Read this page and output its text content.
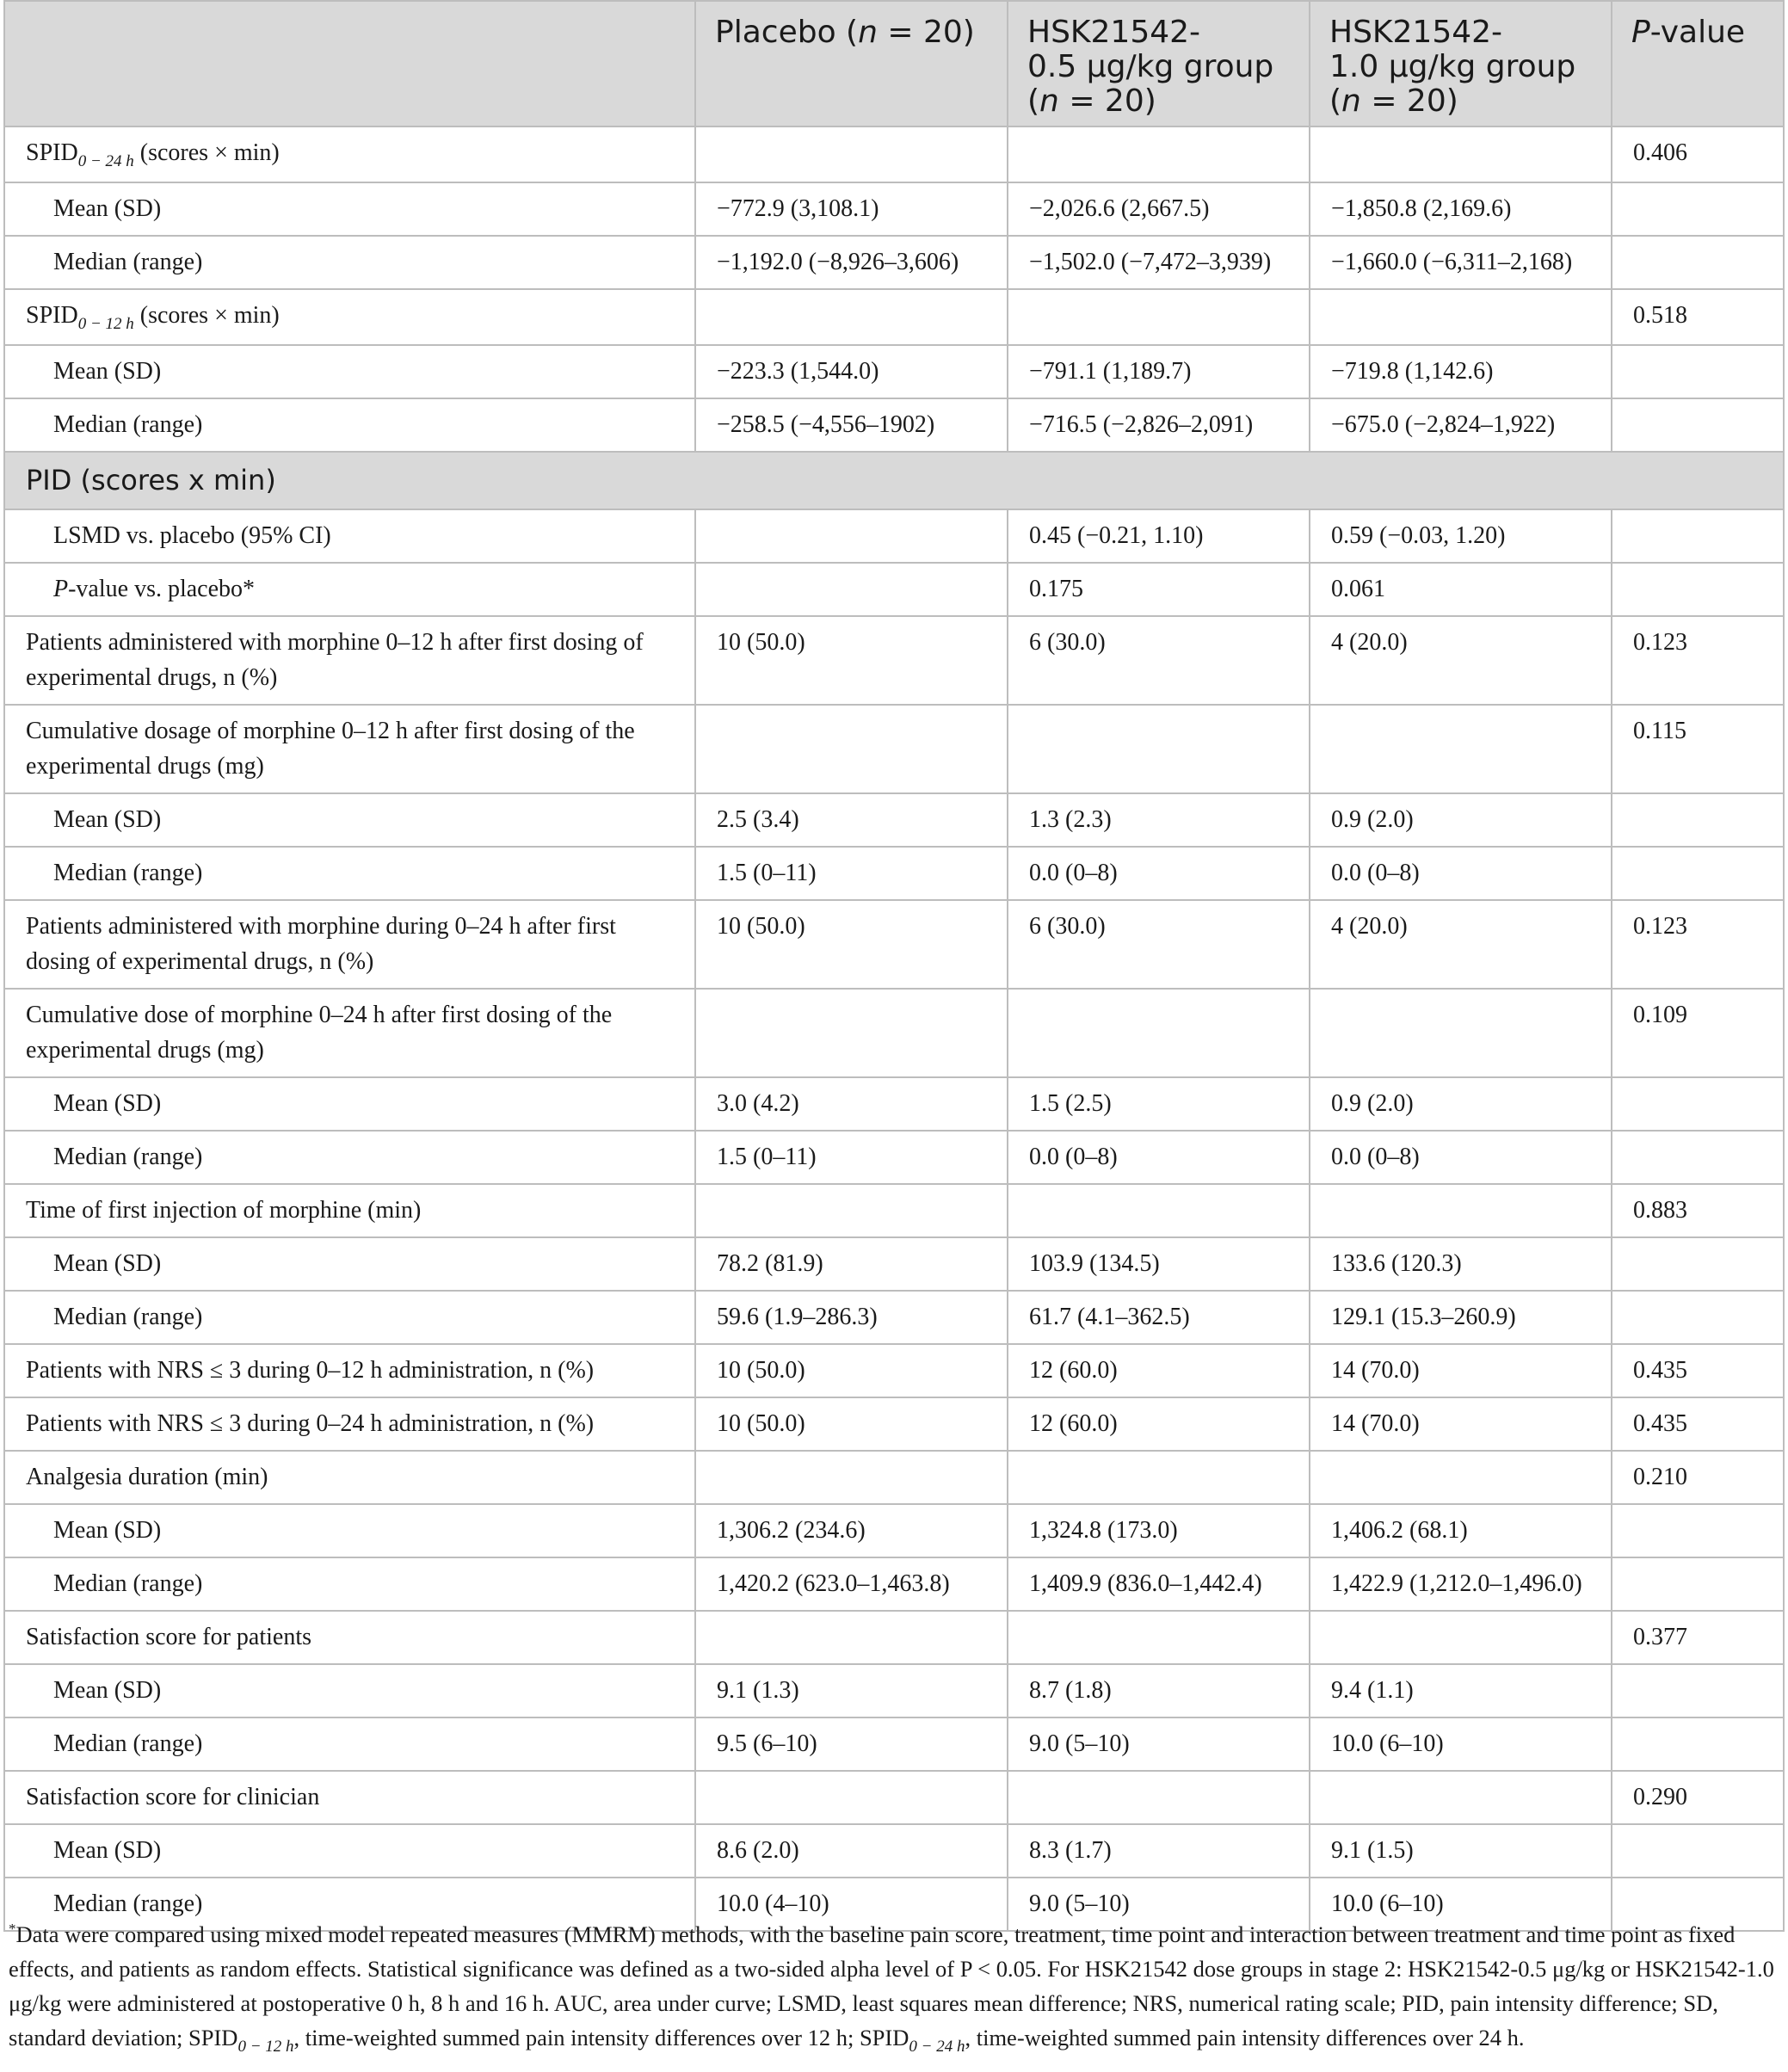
	Placebo (n = 20)	HSK21542-
0.5 μg/kg group
(n = 20)	HSK21542-
1.0 μg/kg group
(n = 20)	P-value
$SPID_{0 - 24 h}$ (scores × min)				0.406
Mean (SD)	−772.9 (3,108.1)	−2,026.6 (2,667.5)	−1,850.8 (2,169.6)	
Median (range)	−1,192.0 (−8,926–3,606)	−1,502.0 (−7,472–3,939)	−1,660.0 (−6,311–2,168)	
$SPID_{0 - 12 h}$ (scores × min)				0.518
Mean (SD)	−223.3 (1,544.0)	−791.1 (1,189.7)	−719.8 (1,142.6)	
Median (range)	−258.5 (−4,556–1902)	−716.5 (−2,826–2,091)	−675.0 (−2,824–1,922)	
PID (scores x min)				
LSMD vs. placebo (95% CI)		0.45 (−0.21, 1.10)	0.59 (−0.03, 1.20)	
P-value vs. placebo*		0.175	0.061	
Patients administered with morphine 0–12 h after first dosing of experimental drugs, n (%)	10 (50.0)	6 (30.0)	4 (20.0)	0.123
Cumulative dosage of morphine 0–12 h after first dosing of the experimental drugs (mg)				0.115
Mean (SD)	2.5 (3.4)	1.3 (2.3)	0.9 (2.0)	
Median (range)	1.5 (0–11)	0.0 (0–8)	0.0 (0–8)	
Patients administered with morphine during 0–24 h after first dosing of experimental drugs, n (%)	10 (50.0)	6 (30.0)	4 (20.0)	0.123
Cumulative dose of morphine 0–24 h after first dosing of the experimental drugs (mg)				0.109
Mean (SD)	3.0 (4.2)	1.5 (2.5)	0.9 (2.0)	
Median (range)	1.5 (0–11)	0.0 (0–8)	0.0 (0–8)	
Time of first injection of morphine (min)				0.883
Mean (SD)	78.2 (81.9)	103.9 (134.5)	133.6 (120.3)	
Median (range)	59.6 (1.9–286.3)	61.7 (4.1–362.5)	129.1 (15.3–260.9)	
Patients with NRS ≤ 3 during 0–12 h administration, n (%)	10 (50.0)	12 (60.0)	14 (70.0)	0.435
Patients with NRS ≤ 3 during 0–24 h administration, n (%)	10 (50.0)	12 (60.0)	14 (70.0)	0.435
Analgesia duration (min)				0.210
Mean (SD)	1,306.2 (234.6)	1,324.8 (173.0)	1,406.2 (68.1)	
Median (range)	1,420.2 (623.0–1,463.8)	1,409.9 (836.0–1,442.4)	1,422.9 (1,212.0–1,496.0)	
Satisfaction score for patients				0.377
Mean (SD)	9.1 (1.3)	8.7 (1.8)	9.4 (1.1)	
Median (range)	9.5 (6–10)	9.0 (5–10)	10.0 (6–10)	
Satisfaction score for clinician				0.290
Mean (SD)	8.6 (2.0)	8.3 (1.7)	9.1 (1.5)	
Median (range)	10.0 (4–10)	9.0 (5–10)	10.0 (6–10)	
*Data were compared using mixed model repeated measures (MMRM) methods, with the baseline pain score, treatment, time point and interaction between treatment and time point as fixed effects, and patients as random effects. Statistical significance was defined as a two-sided alpha level of P < 0.05. For HSK21542 dose groups in stage 2: HSK21542-0.5 μg/kg or HSK21542-1.0 μg/kg were administered at postoperative 0 h, 8 h and 16 h. AUC, area under curve; LSMD, least squares mean difference; NRS, numerical rating scale; PID, pain intensity difference; SD, standard deviation; $SPID_{0 - 12 h}$, time-weighted summed pain intensity differences over 12 h; $SPID_{0 - 24 h}$, time-weighted summed pain intensity differences over 24 h.
